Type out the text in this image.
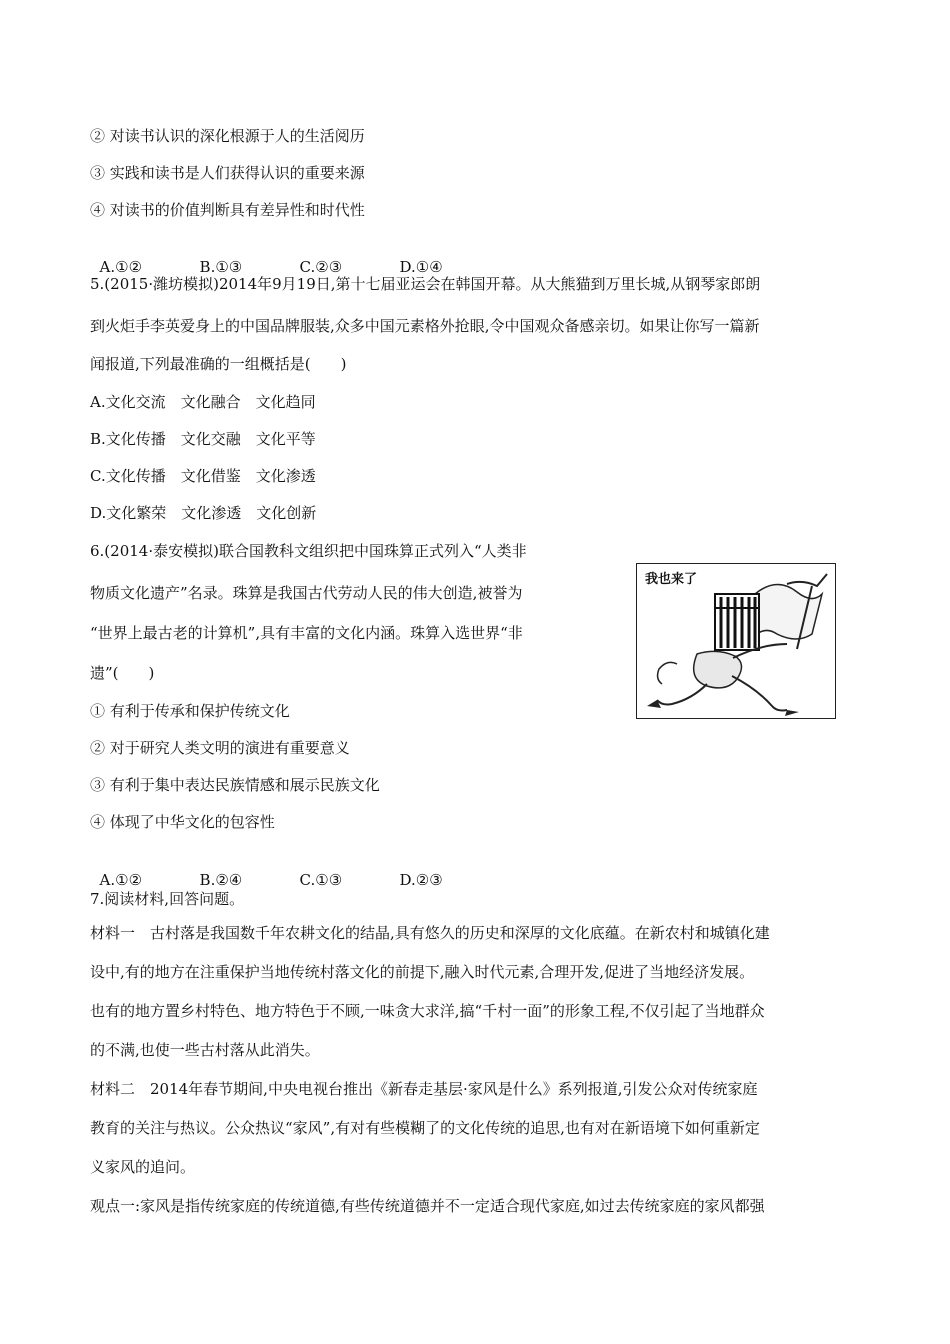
② 对读书认识的深化根源于人的生活阅历
③ 实践和读书是人们获得认识的重要来源
④ 对读书的价值判断具有差异性和时代性

A.①②	B.①③	C.②③	D.①④

5.(2015·潍坊模拟)2014年9月19日,第十七届亚运会在韩国开幕。从大熊猫到万里长城,从钢琴家郎朗
到火炬手李英爱身上的中国品牌服装,众多中国元素格外抢眼,令中国观众备感亲切。如果让你写一篇新
闻报道,下列最准确的一组概括是(　　)
A.文化交流　文化融合　文化趋同
B.文化传播　文化交融　文化平等
C.文化传播　文化借鉴　文化渗透
D.文化繁荣　文化渗透　文化创新
6.(2014·泰安模拟)联合国教科文组织把中国珠算正式列入“人类非
物质文化遗产”名录。珠算是我国古代劳动人民的伟大创造,被誉为
“世界上最古老的计算机”,具有丰富的文化内涵。珠算入选世界“非
遗”(　　)
① 有利于传承和保护传统文化
② 对于研究人类文明的演进有重要意义
③ 有利于集中表达民族情感和展示民族文化
④ 体现了中华文化的包容性

A.①②	B.②④	C.①③	D.②③

我也来了
7.阅读材料,回答问题。
材料一　古村落是我国数千年农耕文化的结晶,具有悠久的历史和深厚的文化底蕴。在新农村和城镇化建
设中,有的地方在注重保护当地传统村落文化的前提下,融入时代元素,合理开发,促进了当地经济发展。
也有的地方置乡村特色、地方特色于不顾,一味贪大求洋,搞“千村一面”的形象工程,不仅引起了当地群众
的不满,也使一些古村落从此消失。
材料二　2014年春节期间,中央电视台推出《新春走基层·家风是什么》系列报道,引发公众对传统家庭
教育的关注与热议。公众热议“家风”,有对有些模糊了的文化传统的追思,也有对在新语境下如何重新定
义家风的追问。
观点一:家风是指传统家庭的传统道德,有些传统道德并不一定适合现代家庭,如过去传统家庭的家风都强
